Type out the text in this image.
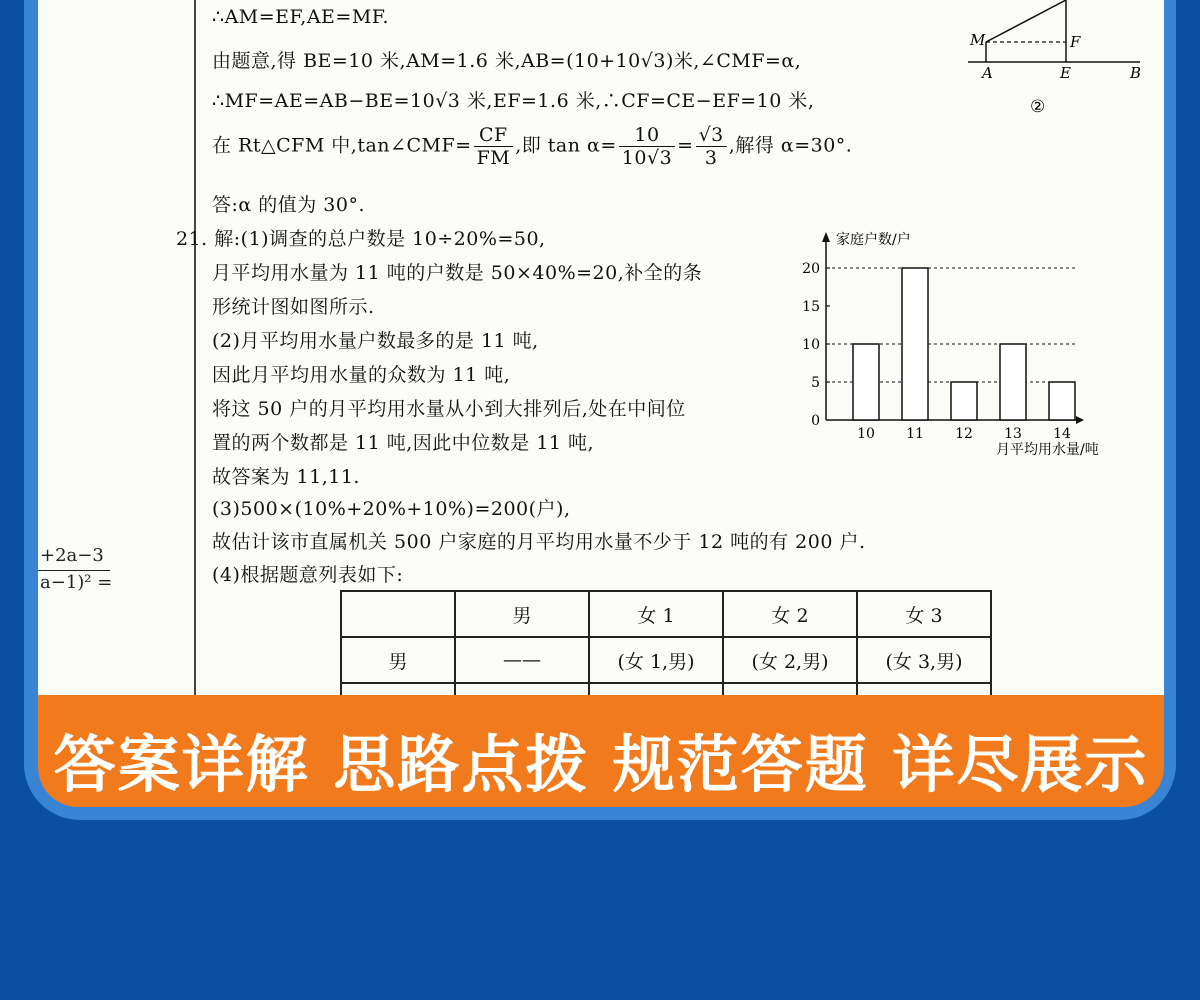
+2a−3
a−1)² =
∴AM=EF,AE=MF.
由题意,得 BE=10 米,AM=1.6 米,AB=(10+10√3)米,∠CMF=α,
∴MF=AE=AB−BE=10√3 米,EF=1.6 米,∴CF=CE−EF=10 米,
在 Rt△CFM 中,tan∠CMF= $\frac{CF}{FM}$ ,即 $\tan \alpha= \frac{10}{10√3} = \frac{√3}{3}$ ,解得 α=30°.
答:α 的值为 30°.
M	F
A	E	B
②
21. 解:(1)调查的总户数是 10÷20%=50,
月平均用水量为 11 吨的户数是 50×40%=20,补全的条
形统计图如图所示.
(2)月平均用水量户数最多的是 11 吨,
因此月平均用水量的众数为 11 吨,
将这 50 户的月平均用水量从小到大排列后,处在中间位
置的两个数都是 11 吨,因此中位数是 11 吨,
故答案为 11,11.
(3)500×(10%+20%+10%)=200(户),
故估计该市直属机关 500 户家庭的月平均用水量不少于 12 吨的有 200 户.
(4)根据题意列表如下:
家庭户数/户
月平均用水量/吨
0
5
10
15
20
10 11 12 13 14
	男	女 1	女 2	女 3
男	——	(女 1,男)	(女 2,男)	(女 3,男)

答案详解 思路点拨 规范答题 详尽展示
